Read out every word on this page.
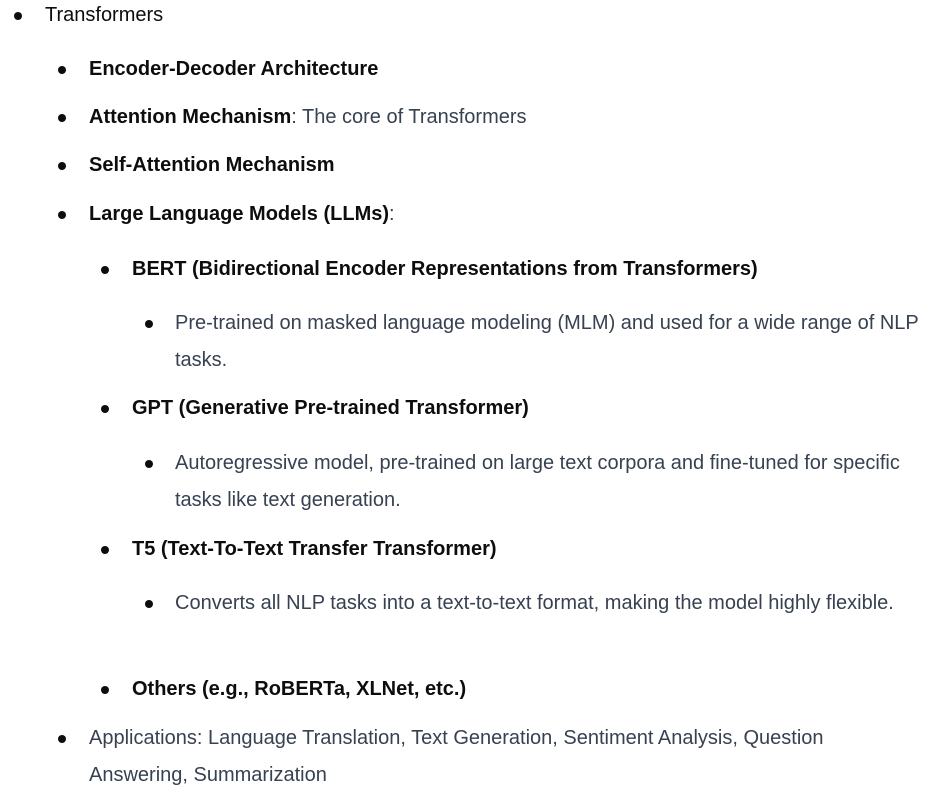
Transformers
Encoder-Decoder Architecture
Attention Mechanism: The core of Transformers
Self-Attention Mechanism
Large Language Models (LLMs):
BERT (Bidirectional Encoder Representations from Transformers)
Pre-trained on masked language modeling (MLM) and used for a wide range of NLP tasks.
GPT (Generative Pre-trained Transformer)
Autoregressive model, pre-trained on large text corpora and fine-tuned for specific tasks like text generation.
T5 (Text-To-Text Transfer Transformer)
Converts all NLP tasks into a text-to-text format, making the model highly flexible.
Others (e.g., RoBERTa, XLNet, etc.)
Applications: Language Translation, Text Generation, Sentiment Analysis, Question Answering, Summarization
